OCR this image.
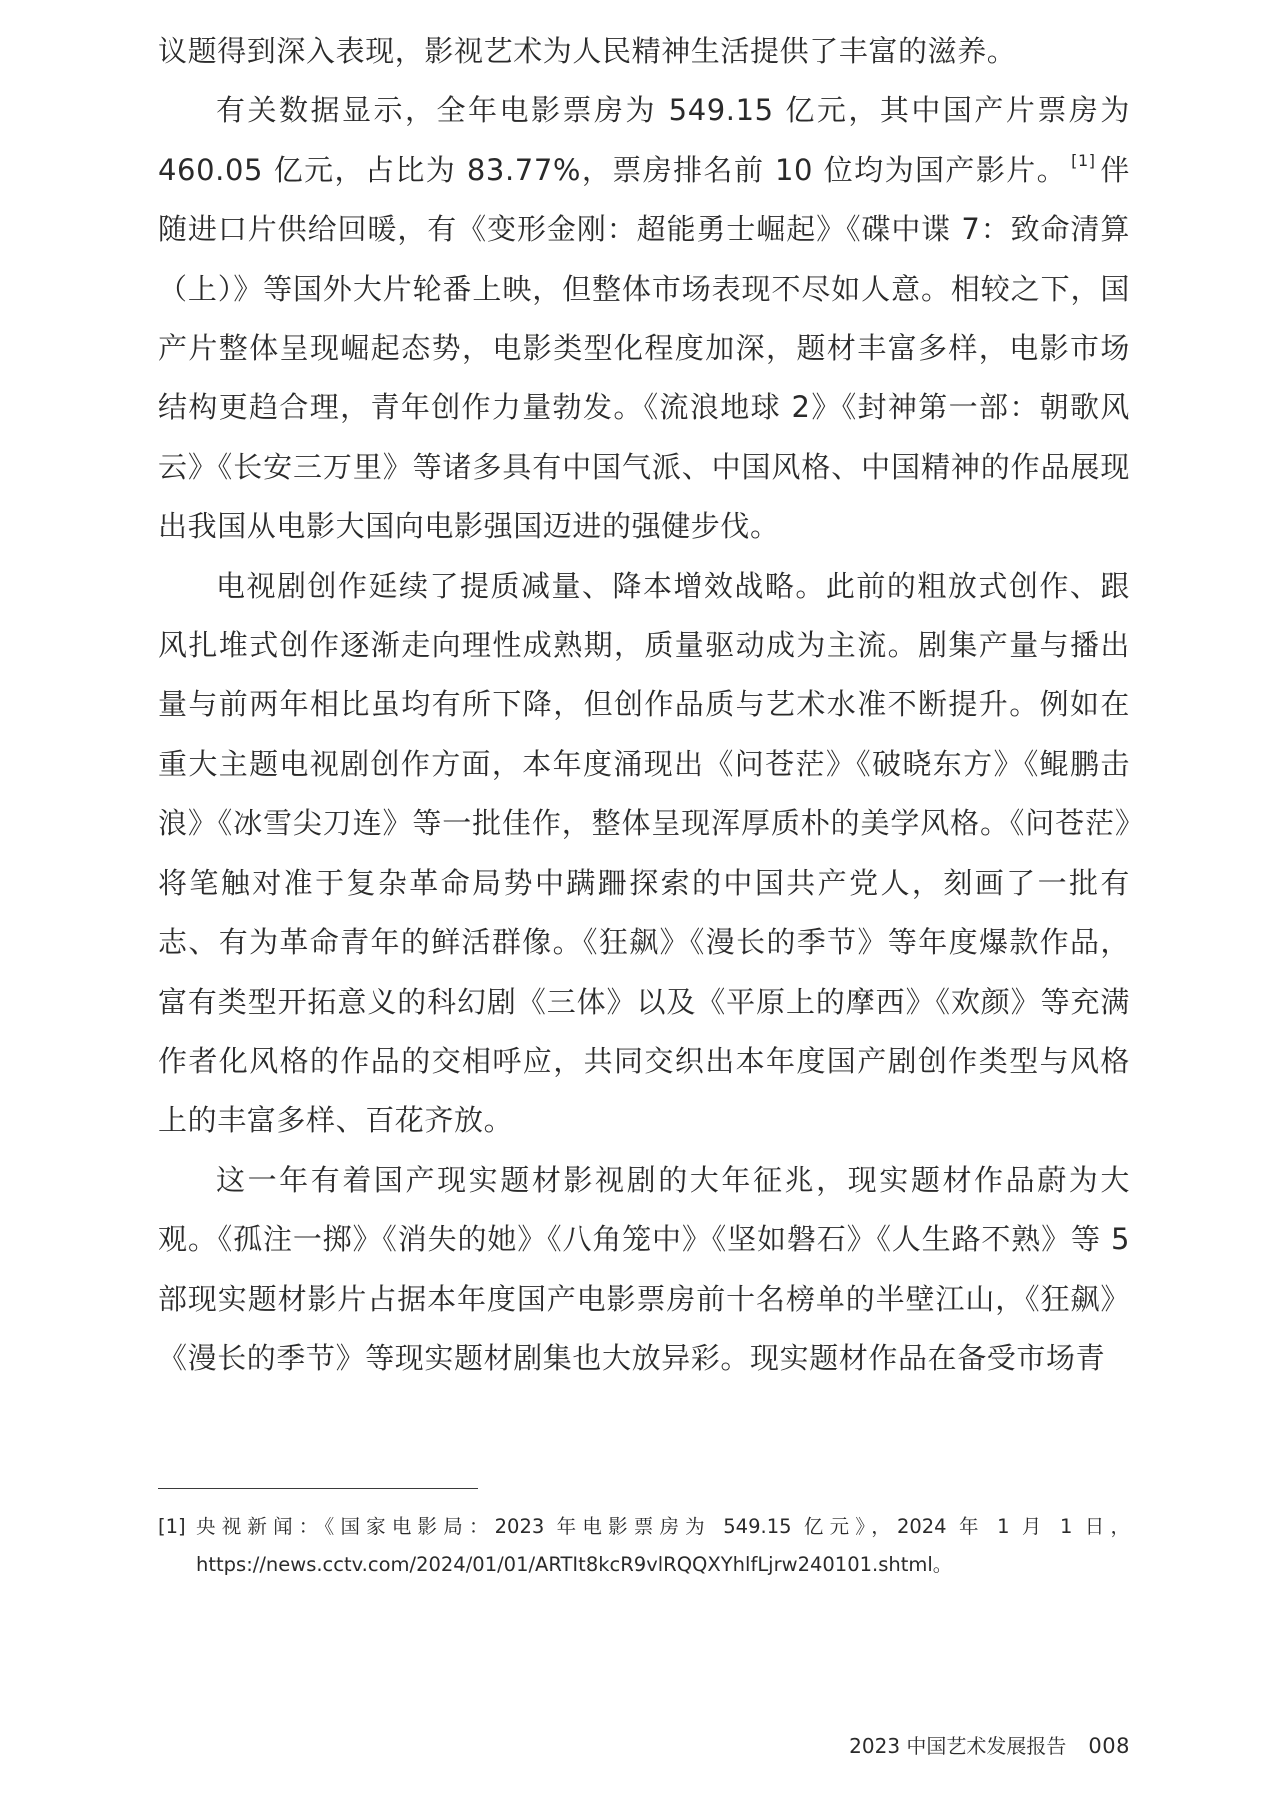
议题得到深入表现，影视艺术为人民精神生活提供了丰富的滋养。

有关数据显示，全年电影票房为 549.15 亿元，其中国产片票房为 460.05 亿元，占比为 83.77%，票房排名前 10 位均为国产影片。 [1] 伴随进口片供给回暖，有《变形金刚：超能勇士崛起》《碟中谍 7：致命清算（上）》等国外大片轮番上映，但整体市场表现不尽如人意。相较之下，国产片整体呈现崛起态势，电影类型化程度加深，题材丰富多样，电影市场结构更趋合理，青年创作力量勃发。《流浪地球 2》《封神第一部：朝歌风云》《长安三万里》等诸多具有中国气派、中国风格、中国精神的作品展现出我国从电影大国向电影强国迈进的强健步伐。

电视剧创作延续了提质减量、降本增效战略。此前的粗放式创作、跟风扎堆式创作逐渐走向理性成熟期，质量驱动成为主流。剧集产量与播出量与前两年相比虽均有所下降，但创作品质与艺术水准不断提升。例如在重大主题电视剧创作方面，本年度涌现出《问苍茫》《破晓东方》《鲲鹏击浪》《冰雪尖刀连》等一批佳作，整体呈现浑厚质朴的美学风格。《问苍茫》将笔触对准于复杂革命局势中蹒跚探索的中国共产党人，刻画了一批有志、有为革命青年的鲜活群像。《狂飙》《漫长的季节》等年度爆款作品，富有类型开拓意义的科幻剧《三体》以及《平原上的摩西》《欢颜》等充满作者化风格的作品的交相呼应，共同交织出本年度国产剧创作类型与风格上的丰富多样、百花齐放。

这一年有着国产现实题材影视剧的大年征兆，现实题材作品蔚为大观。《孤注一掷》《消失的她》《八角笼中》《坚如磐石》《人生路不熟》等 5 部现实题材影片占据本年度国产电影票房前十名榜单的半壁江山，《狂飙》《漫长的季节》等现实题材剧集也大放异彩。现实题材作品在备受市场青

[1] 央视新闻：《国家电影局：2023 年电影票房为 549.15 亿元》，2024 年 1 月 1 日，https://news.cctv.com/2024/01/01/ARTIt8kcR9vlRQQXYhlfLjrw240101.shtml。
2023 中国艺术发展报告 008
